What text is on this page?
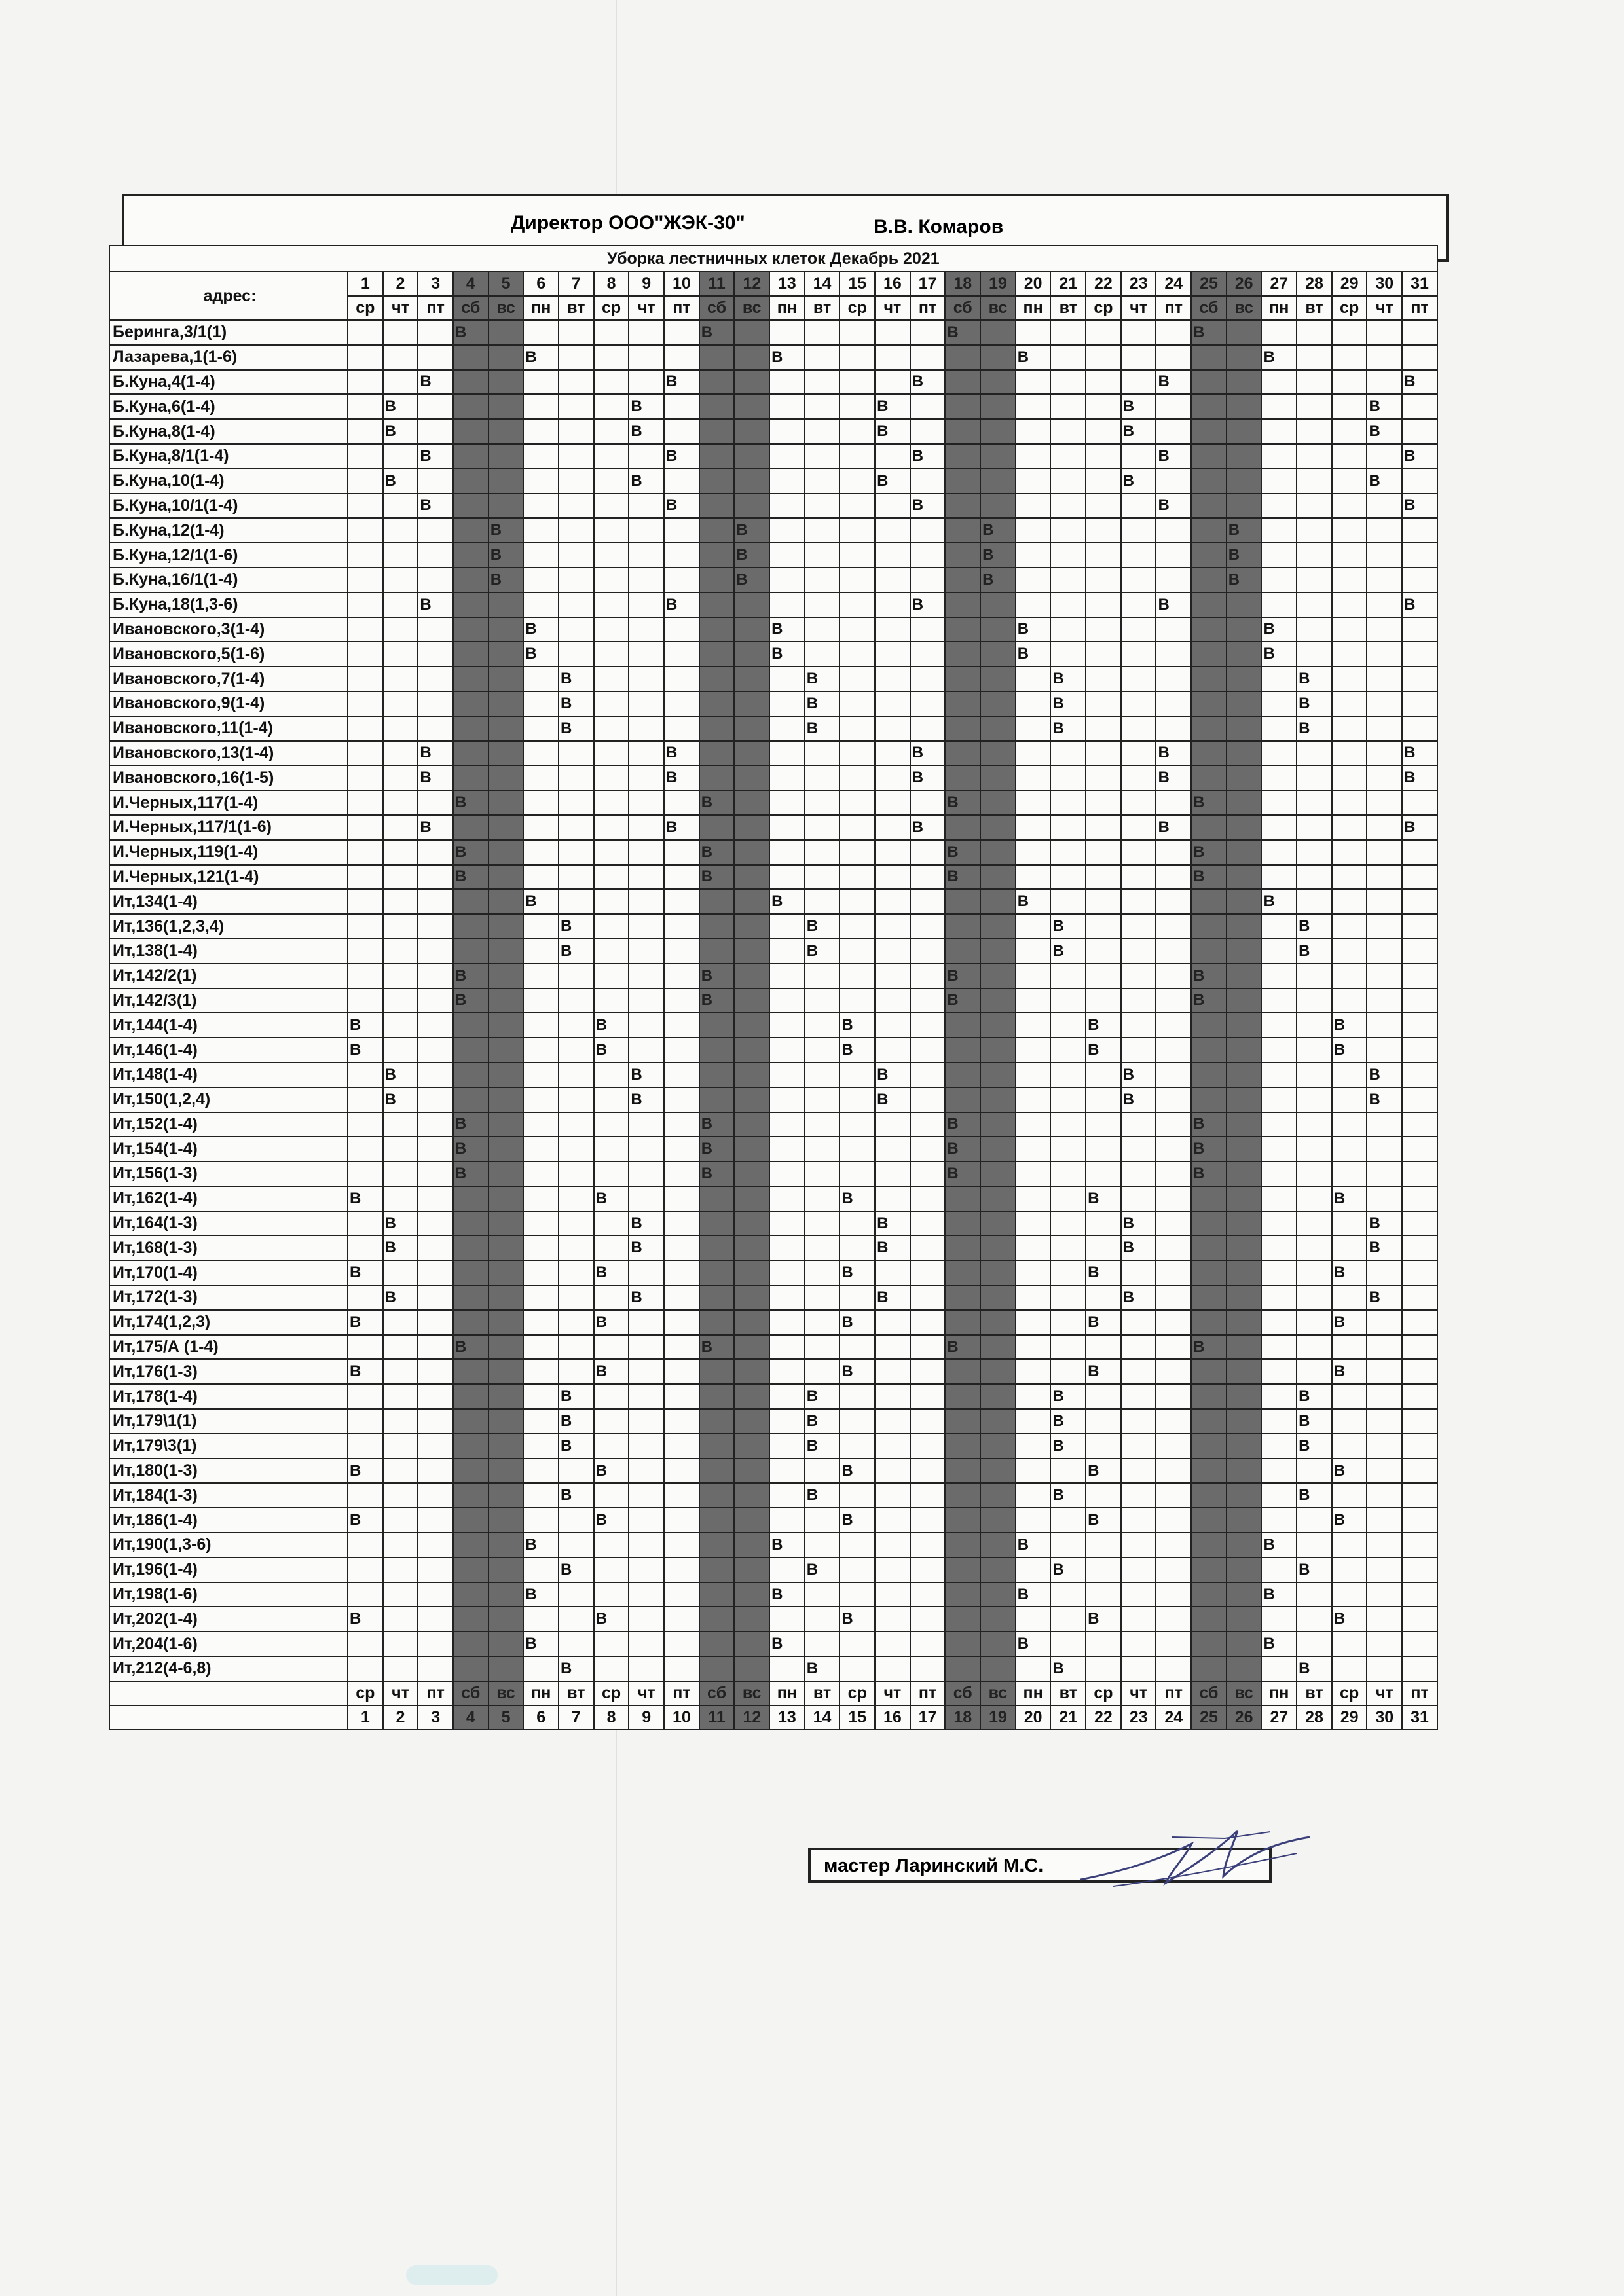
Директор ООО"ЖЭК-30"	В.В. Комаров
Уборка лестничных клеток Декабрь 2021																															
адрес:	1	2	3	4	5	6	7	8	9	10	11	12	13	14	15	16	17	18	19	20	21	22	23	24	25	26	27	28	29	30	31
	ср	чт	пт	сб	вс	пн	вт	ср	чт	пт	сб	вс	пн	вт	ср	чт	пт	сб	вс	пн	вт	ср	чт	пт	сб	вс	пн	вт	ср	чт	пт
Беринга,3/1(1)				В							В							В							В						
Лазарева,1(1-6)						В							В							В							В				
Б.Куна,4(1-4)			В							В							В							В							В
Б.Куна,6(1-4)		В							В							В							В							В	
Б.Куна,8(1-4)		В							В							В							В							В	
Б.Куна,8/1(1-4)			В							В							В							В							В
Б.Куна,10(1-4)		В							В							В							В							В	
Б.Куна,10/1(1-4)			В							В							В							В							В
Б.Куна,12(1-4)					В							В							В							В					
Б.Куна,12/1(1-6)					В							В							В							В					
Б.Куна,16/1(1-4)					В							В							В							В					
Б.Куна,18(1,3-6)			В							В							В							В							В
Ивановского,3(1-4)						В							В							В							В				
Ивановского,5(1-6)						В							В							В							В				
Ивановского,7(1-4)							В							В							В							В			
Ивановского,9(1-4)							В							В							В							В			
Ивановского,11(1-4)							В							В							В							В			
Ивановского,13(1-4)			В							В							В							В							В
Ивановского,16(1-5)			В							В							В							В							В
И.Черных,117(1-4)				В							В							В							В						
И.Черных,117/1(1-6)			В							В							В							В							В
И.Черных,119(1-4)				В							В							В							В						
И.Черных,121(1-4)				В							В							В							В						
Ит,134(1-4)						В							В							В							В				
Ит,136(1,2,3,4)							В							В							В							В			
Ит,138(1-4)							В							В							В							В			
Ит,142/2(1)				В							В							В							В						
Ит,142/3(1)				В							В							В							В						
Ит,144(1-4)	В							В							В							В							В		
Ит,146(1-4)	В							В							В							В							В		
Ит,148(1-4)		В							В							В							В							В	
Ит,150(1,2,4)		В							В							В							В							В	
Ит,152(1-4)				В							В							В							В						
Ит,154(1-4)				В							В							В							В						
Ит,156(1-3)				В							В							В							В						
Ит,162(1-4)	В							В							В							В							В		
Ит,164(1-3)		В							В							В							В							В	
Ит,168(1-3)		В							В							В							В							В	
Ит,170(1-4)	В							В							В							В							В		
Ит,172(1-3)		В							В							В							В							В	
Ит,174(1,2,3)	В							В							В							В							В		
Ит,175/А (1-4)				В							В							В							В						
Ит,176(1-3)	В							В							В							В							В		
Ит,178(1-4)							В							В							В							В			
Ит,179\1(1)							В							В							В							В			
Ит,179\3(1)							В							В							В							В			
Ит,180(1-3)	В							В							В							В							В		
Ит,184(1-3)							В							В							В							В			
Ит,186(1-4)	В							В							В							В							В		
Ит,190(1,3-6)						В							В							В							В				
Ит,196(1-4)							В							В							В							В			
Ит,198(1-6)						В							В							В							В				
Ит,202(1-4)	В							В							В							В							В		
Ит,204(1-6)						В							В							В							В				
Ит,212(4-6,8)							В							В							В							В			
	ср	чт	пт	сб	вс	пн	вт	ср	чт	пт	сб	вс	пн	вт	ср	чт	пт	сб	вс	пн	вт	ср	чт	пт	сб	вс	пн	вт	ср	чт	пт
	1	2	3	4	5	6	7	8	9	10	11	12	13	14	15	16	17	18	19	20	21	22	23	24	25	26	27	28	29	30	31
мастер Ларинский М.С.
